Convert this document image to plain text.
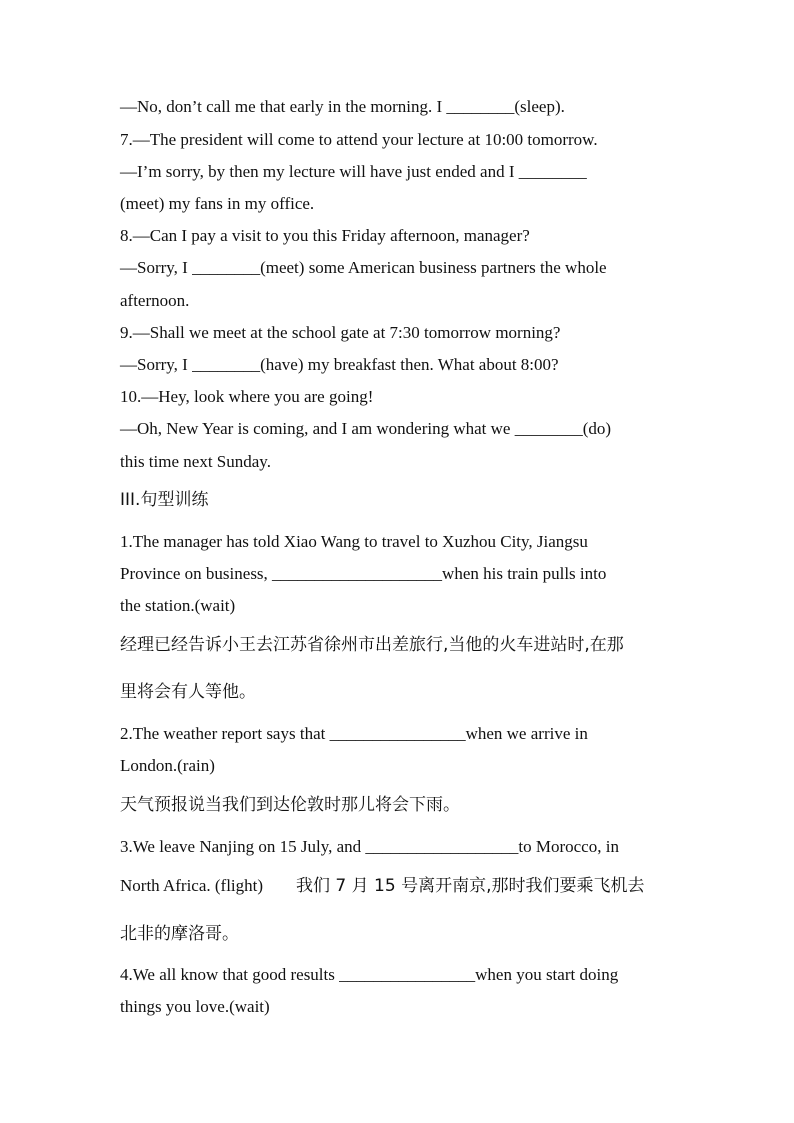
—No, don’t call me that early in the morning. I ________(sleep).
7.—The president will come to attend your lecture at 10:00 tomorrow.
—I’m sorry, by then my lecture will have just ended and I ________
(meet) my fans in my office.
8.—Can I pay a visit to you this Friday afternoon, manager?
—Sorry, I ________(meet) some American business partners the whole
afternoon.
9.—Shall we meet at the school gate at 7:30 tomorrow morning?
—Sorry, I ________(have) my breakfast then. What about 8:00?
10.—Hey, look where you are going!
—Oh, New Year is coming, and I am wondering what we ________(do)
this time next Sunday.
III.句型训练
1.The manager has told Xiao Wang to travel to Xuzhou City, Jiangsu
Province on business, ____________________when his train pulls into
the station.(wait)
经理已经告诉小王去江苏省徐州市出差旅行,当他的火车进站时,在那
里将会有人等他。
2.The weather report says that ________________when we arrive in
London.(rain)
天气预报说当我们到达伦敦时那儿将会下雨。
3.We leave Nanjing on 15 July, and __________________to Morocco, in
North Africa. (flight) 我们 7 月 15 号离开南京,那时我们要乘飞机去
北非的摩洛哥。
4.We all know that good results ________________when you start doing
things you love.(wait)
